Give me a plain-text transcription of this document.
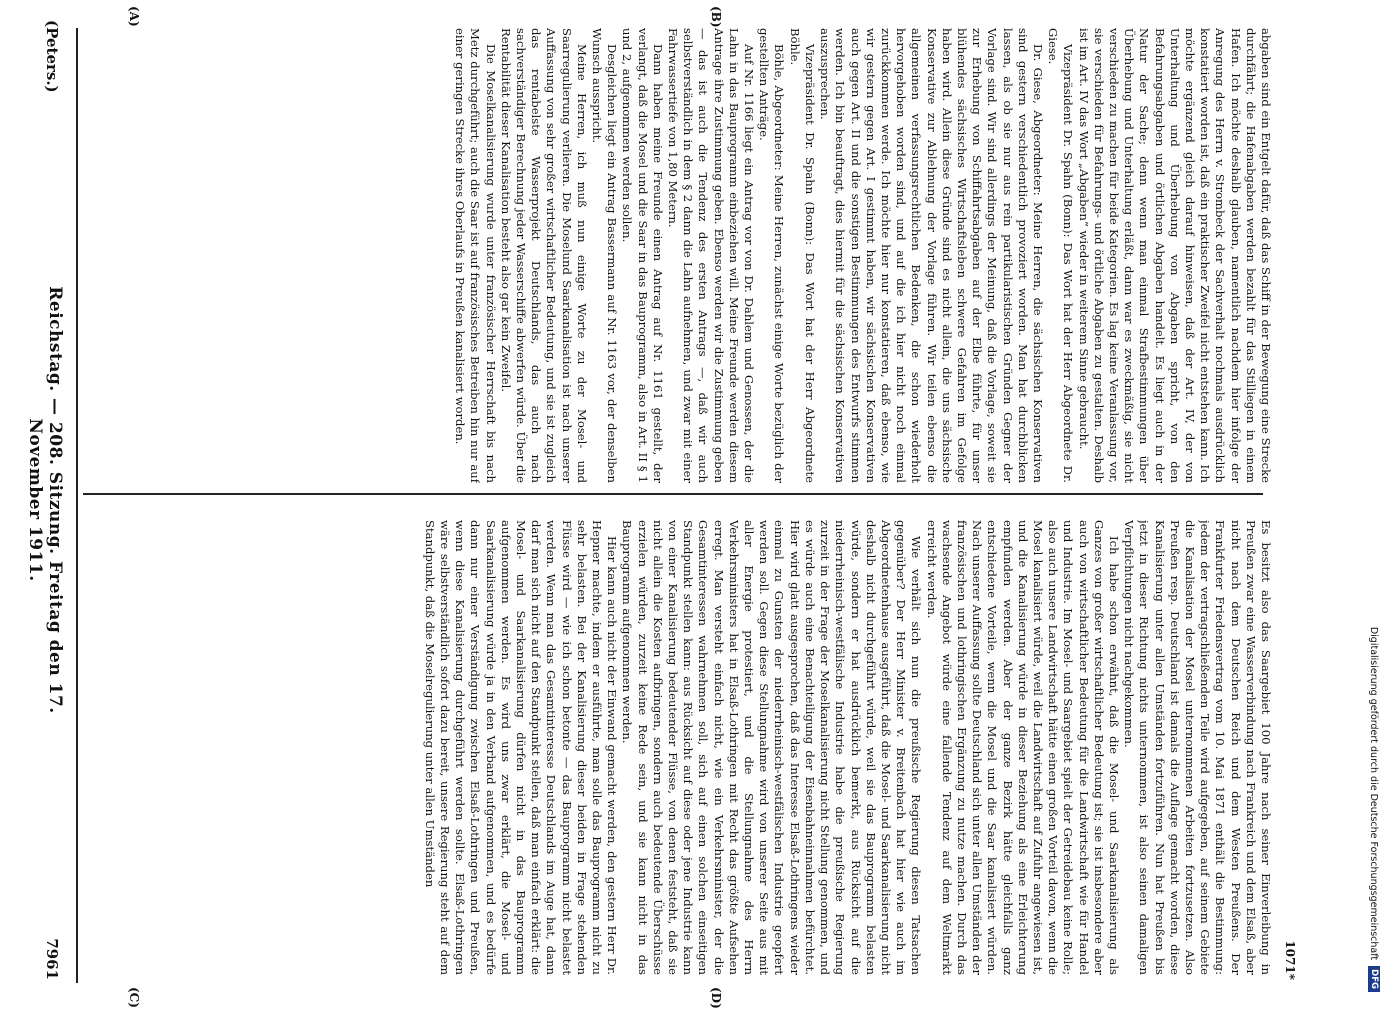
Digitalisierung gefördert durch die Deutsche Forschungsgemeinschaft
DFG
(Peters.)
Reichstag. — 208. Sitzung. Freitag den 17. November 1911.
7961
(A)	(B)
(C)	(D)

abgaben sind ein Entgelt dafür, daß das Schiff in der Bewegung eine Strecke durchfährt; die Hafenabgaben werden bezahlt für das Stilliegen in einem Hafen. Ich möchte deshalb glauben, namentlich nachdem hier infolge der Anregung des Herrn v. Strombeck der Sachverhalt nochmals ausdrücklich konstatiert worden ist, daß ein praktischer Zweifel nicht entstehen kann. Ich möchte ergänzend gleich darauf hinweisen, daß der Art. IV, der von Unterhaltung und Überhebung von Abgaben spricht, von den Befahrungsabgaben und örtlichen Abgaben handelt. Es liegt auch in der Natur der Sache; denn wenn man einmal Strafbestimmungen über Überhebung und Unterhaltung erläßt, dann war es zweckmäßig, sie nicht verschieden zu machen für beide Kategorien. Es lag keine Veranlassung vor, sie verschieden für Befahrungs- und örtliche Abgaben zu gestalten. Deshalb ist im Art. IV das Wort „Abgaben“ wieder in weiterem Sinne gebraucht.

Vizepräsident Dr. Spahn (Bonn): Das Wort hat der Herr Abgeordnete Dr. Giese.

Dr. Giese, Abgeordneter: Meine Herren, die sächsischen Konservativen sind gestern verschiedentlich provoziert worden. Man hat durchblicken lassen, als ob sie nur aus rein partikularistischen Gründen Gegner der Vorlage sind. Wir sind allerdings der Meinung, daß die Vorlage, soweit sie zur Erhebung von Schiffahrtsabgaben auf der Elbe führte, für unser blühendes sächsisches Wirtschaftsleben schwere Gefahren im Gefolge haben wird. Allein diese Gründe sind es nicht allein, die uns sächsische Konservative zur Ablehnung der Vorlage führen. Wir teilen ebenso die allgemeinen verfassungsrechtlichen Bedenken, die schon wiederholt hervorgehoben worden sind, und auf die ich hier nicht noch einmal zurückkommen werde. Ich möchte hier nur konstatieren, daß ebenso, wie wir gestern gegen Art. I gestimmt haben, wir sächsischen Konservativen auch gegen Art. II und die sonstigen Bestimmungen des Entwurfs stimmen werden. Ich bin beauftragt, dies hiermit für die sächsischen Konservativen auszusprechen.

Vizepräsident Dr. Spahn (Bonn): Das Wort hat der Herr Abgeordnete Böhle.

Böhle, Abgeordneter: Meine Herren, zunächst einige Worte bezüglich der gestellten Anträge.

Auf Nr. 1166 liegt ein Antrag vor von Dr. Dahlem und Genossen, der die Lahn in das Bauprogramm einbeziehen will. Meine Freunde werden diesem Antrage ihre Zustimmung geben. Ebenso werden wir die Zustimmung geben — das ist auch die Tendenz des ersten Antrags —, daß wir auch selbstverständlich in dem § 2 dann die Lahn aufnehmen, und zwar mit einer Fahrwassertiefe von 1,80 Metern.

Dann haben meine Freunde einen Antrag auf Nr. 1161 gestellt, der verlangt, daß die Mosel und die Saar in das Bauprogramm, also in Art. II § 1 und 2, aufgenommen werden sollen.

Desgleichen liegt ein Antrag Bassermann auf Nr. 1163 vor, der denselben Wunsch ausspricht.

Meine Herren, ich muß nun einige Worte zu der Mosel- und Saarregulierung verlieren. Die Moselund Saarkanalisation ist nach unserer Auffassung von sehr großer wirtschaftlicher Bedeutung, und sie ist zugleich das rentabelste Wasserprojekt Deutschlands, das auch nach sachverständiger Berechnung jeder Wasserschiffe abwerfen würde. Über die Rentabilität dieser Kanalisation besteht also gar kein Zweifel.

Die Moselkanalisierung wurde unter französischer Herrschaft bis nach Metz durchgeführt; auch die Saar ist auf französisches Betreiben hin nur auf einer geringen Strecke ihres Oberlaufs in Preußen kanalisiert worden.

Es besitzt also das Saargebiet 100 Jahre nach seiner Einverleibung in Preußen zwar eine Wasserverbindung nach Frankreich und dem Elsaß, aber nicht nach dem Deutschen Reich und dem Westen Preußens. Der Frankfurter Friedensvertrag vom 10. Mai 1871 enthält die Bestimmung: jedem der vertragschließenden Teile wird aufgegeben, auf seinem Gebiete die Kanalisation der Mosel unternommenen Arbeiten fortzusetzen. Also Preußen resp. Deutschland ist damals die Auflage gemacht worden, diese Kanalisierung unter allen Umständen fortzuführen. Nun hat Preußen bis jetzt in dieser Richtung nichts unternommen, ist also seinen damaligen Verpflichtungen nicht nachgekommen.

Ich habe schon erwähnt, daß die Mosel- und Saarkanalisierung als Ganzes von großer wirtschaftlicher Bedeutung ist; sie ist insbesondere aber auch von wirtschaftlicher Bedeutung für die Landwirtschaft wie für Handel und Industrie. Im Mosel- und Saargebiet spielt der Getreidebau keine Rolle; also auch unsere Landwirtschaft hätte einen großen Vorteil davon, wenn die Mosel kanalisiert würde, weil die Landwirtschaft auf Zufuhr angewiesen ist, und die Kanalisierung würde in dieser Beziehung als eine Erleichterung empfunden werden. Aber der ganze Bezirk hätte gleichfalls ganz entschiedene Vorteile, wenn die Mosel und die Saar kanalisiert würden. Nach unserer Auffassung sollte Deutschland sich unter allen Umständen der französischen und lothringischen Ergänzung zu nutze machen. Durch das wachsende Angebot würde eine fallende Tendenz auf dem Weltmarkt erreicht werden.

Wie verhält sich nun die preußische Regierung diesen Tatsachen gegenüber? Der Herr Minister v. Breitenbach hat hier wie auch im Abgeordnetenhause ausgeführt, daß die Mosel- und Saarkanalisierung nicht deshalb nicht durchgeführt würde, weil sie das Bauprogramm belasten würde, sondern er hat ausdrücklich bemerkt, aus Rücksicht auf die niederrheinisch-westfälische Industrie habe die preußische Regierung zurzeit in der Frage der Moselkanalisierung nicht Stellung genommen, und es würde auch eine Benachteiligung der Eisenbahneinnahmen befürchtet. Hier wird glatt ausgesprochen, daß das Interesse Elsaß-Lothringens wieder einmal zu Gunsten der niederrheinisch-westfälischen Industrie geopfert werden soll. Gegen diese Stellungnahme wird von unserer Seite aus mit aller Energie protestiert, und die Stellungnahme des Herrn Verkehrsministers hat in Elsaß-Lothringen mit Recht das größte Aufsehen erregt. Man versteht einfach nicht, wie ein Verkehrsminister, der die Gesamtinteressen wahrnehmen soll, sich auf einen solchen einseitigen Standpunkt stellen kann: aus Rücksicht auf diese oder jene Industrie kann von einer Kanalisierung bedeutender Flüsse, von denen feststeht, daß sie nicht allein die Kosten aufbringen, sondern auch bedeutende Überschüsse erzielen würden, zurzeit keine Rede sein, und sie kann nicht in das Bauprogramm aufgenommen werden.

Hier kann auch nicht der Einwand gemacht werden, den gestern Herr Dr. Hepner machte, indem er ausführte, man solle das Bauprogramm nicht zu sehr belasten. Bei der Kanalisierung dieser beiden in Frage stehenden Flüsse wird — wie ich schon betonte — das Bauprogramm nicht belastet werden. Wenn man das Gesamtinteresse Deutschlands im Auge hat, dann darf man sich nicht auf den Standpunkt stellen, daß man einfach erklärt: die Mosel- und Saarkanalisierung dürfen nicht in das Bauprogramm aufgenommen werden. Es wird uns zwar erklärt, die Mosel- und Saarkanalisierung würde ja in den Verband aufgenommen, und es bedürfe dann nur einer Verständigung zwischen Elsaß-Lothringen und Preußen, wenn diese Kanalisierung durchgeführt werden sollte. Elsaß-Lothringen wäre selbstverständlich sofort dazu bereit, unsere Regierung steht auf dem Standpunkt, daß die Moselregulierung unter allen Umständen

1071*
